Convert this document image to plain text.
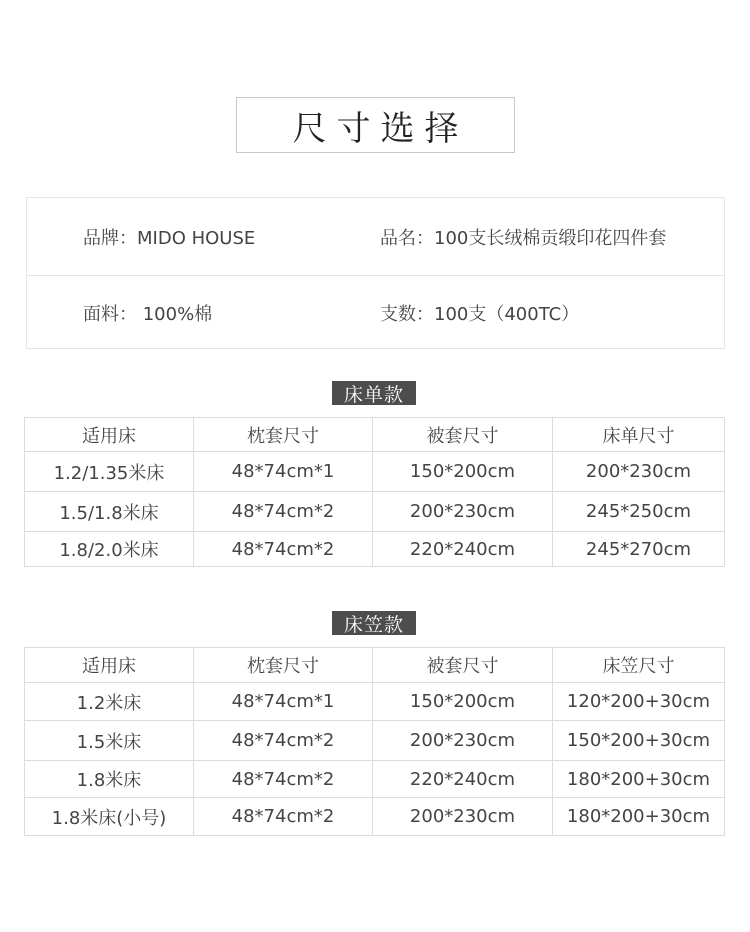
尺寸选择
品牌：MIDO HOUSE	品名：100支长绒棉贡缎印花四件套
面料： 100%棉	支数：100支（400TC）
床单款
适用床	枕套尺寸	被套尺寸	床单尺寸
1.2/1.35米床	48*74cm*1	150*200cm	200*230cm
1.5/1.8米床	48*74cm*2	200*230cm	245*250cm
1.8/2.0米床	48*74cm*2	220*240cm	245*270cm
床笠款
适用床	枕套尺寸	被套尺寸	床笠尺寸
1.2米床	48*74cm*1	150*200cm	120*200+30cm
1.5米床	48*74cm*2	200*230cm	150*200+30cm
1.8米床	48*74cm*2	220*240cm	180*200+30cm
1.8米床(小号)	48*74cm*2	200*230cm	180*200+30cm
